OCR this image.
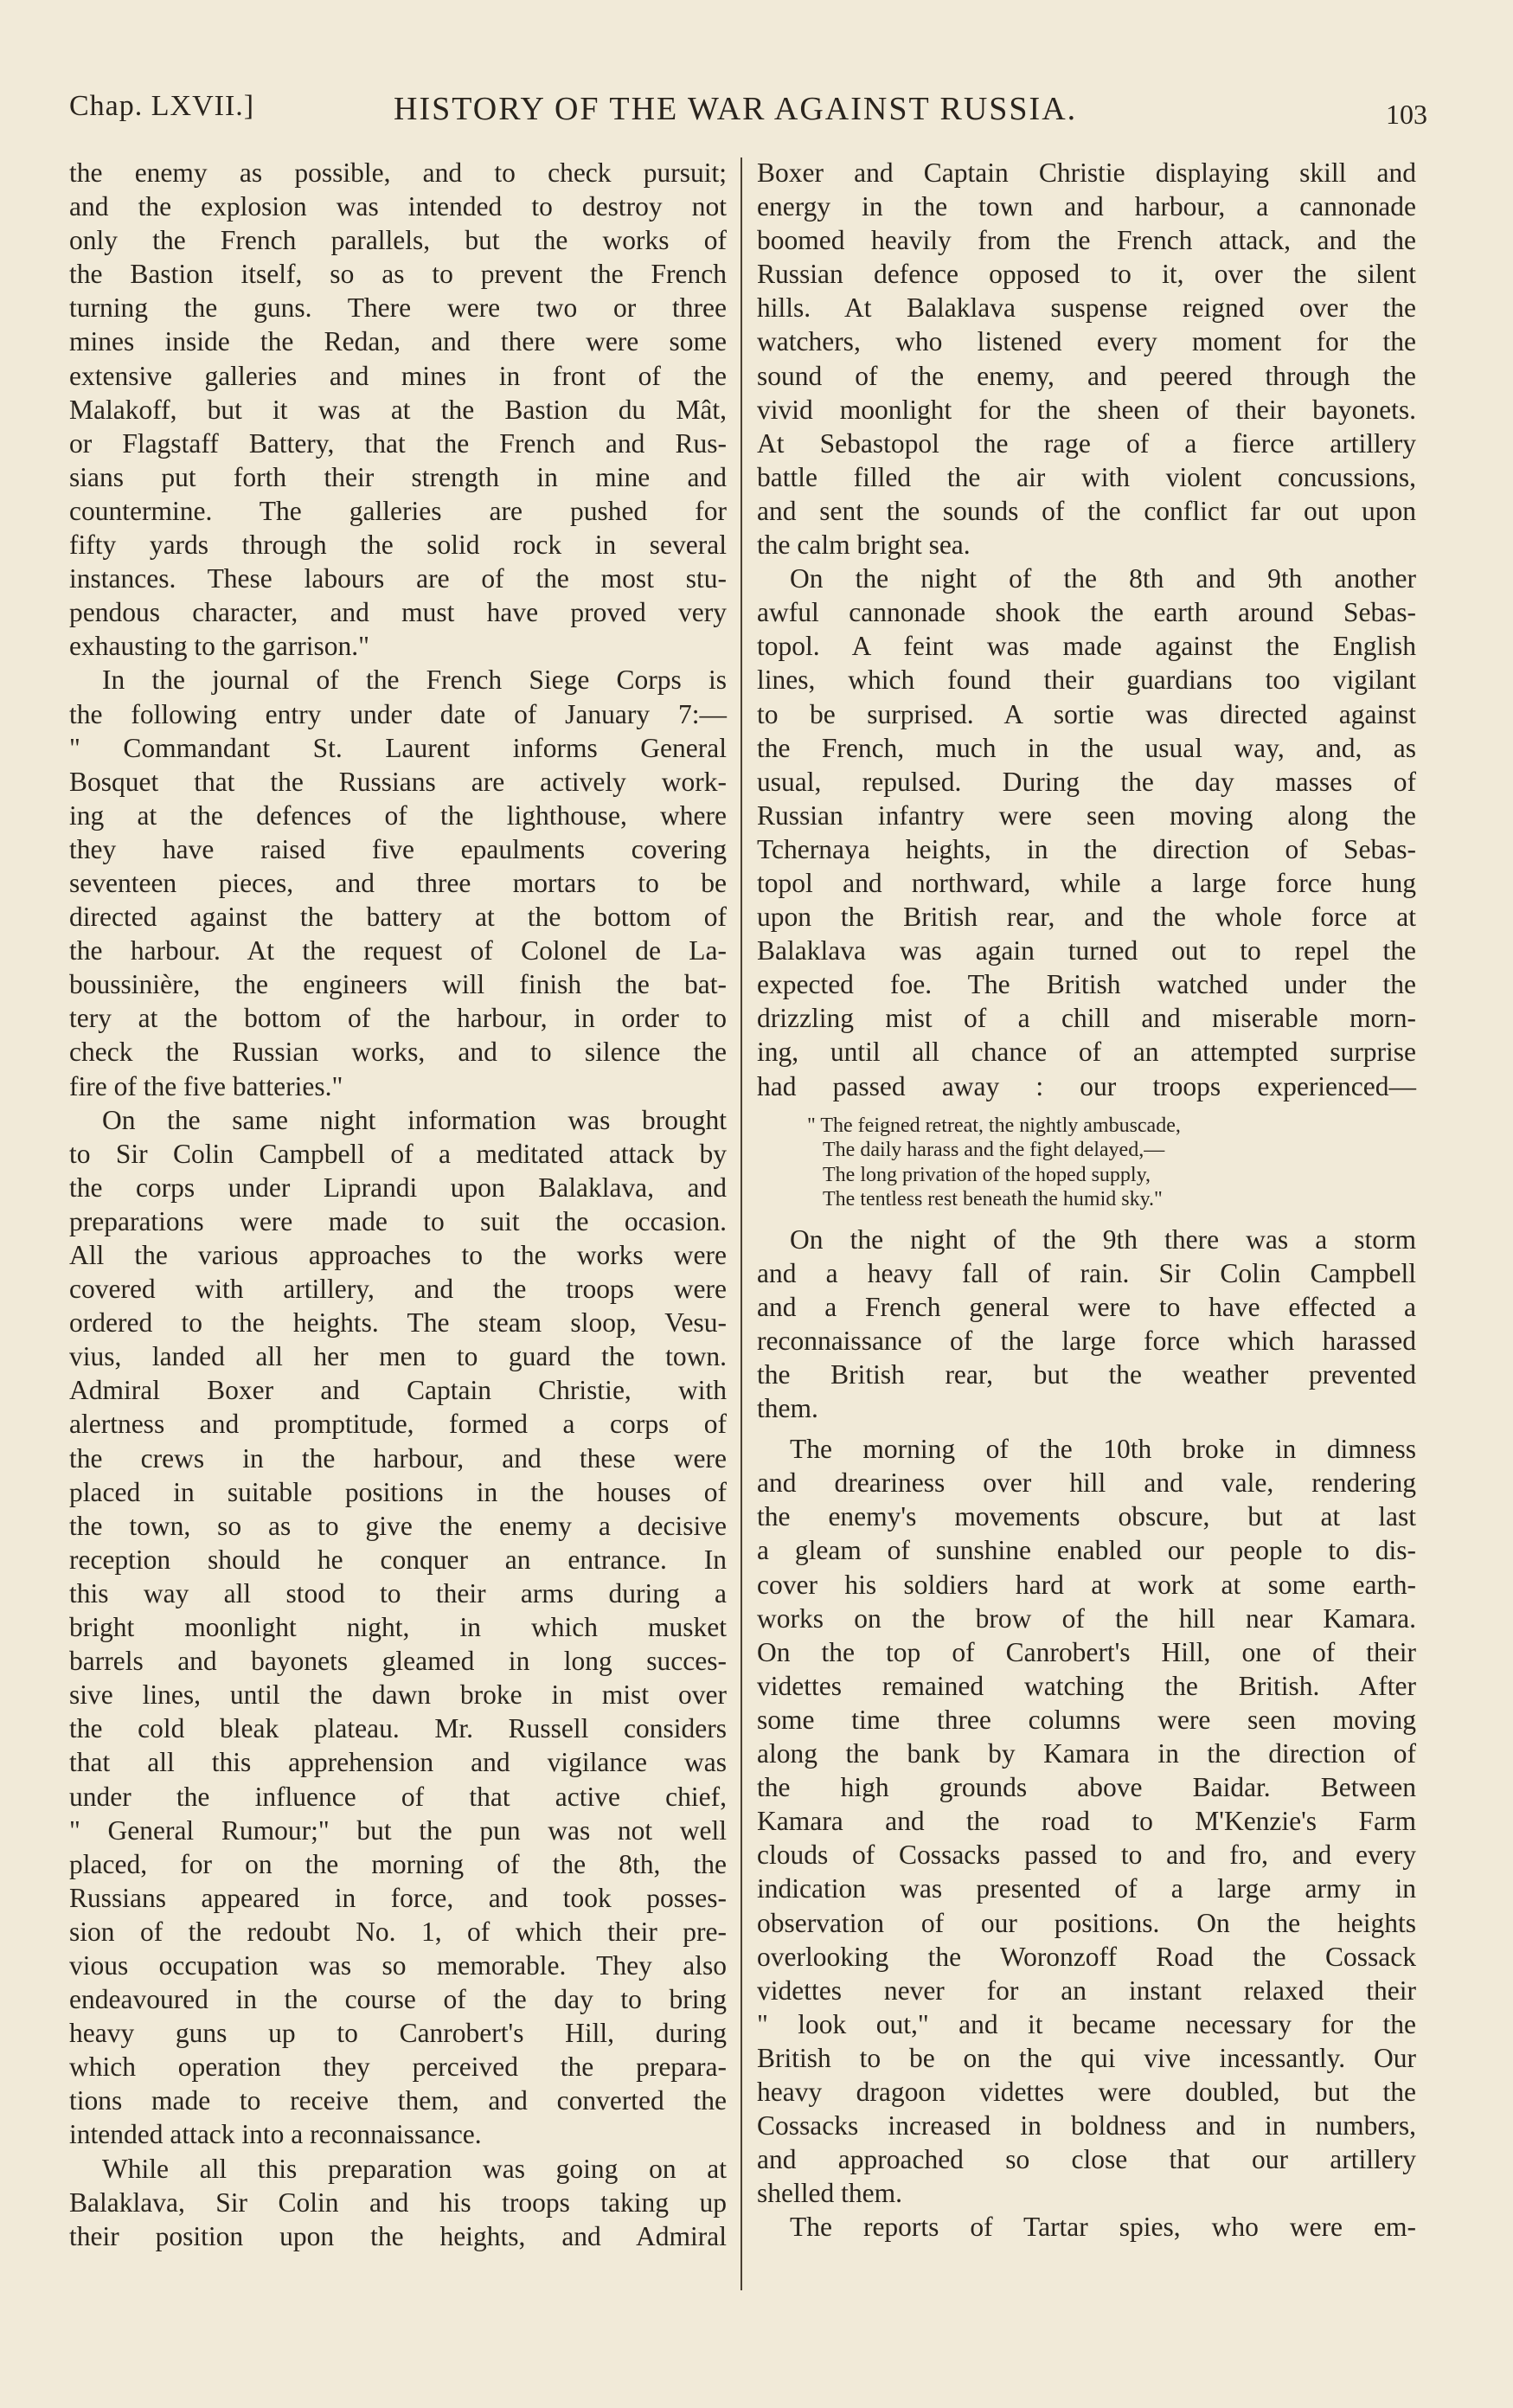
Chap. LXVII.]	HISTORY OF THE WAR AGAINST RUSSIA.	103
the enemy as possible, and to check pursuit;
and the explosion was intended to destroy not
only the French parallels, but the works of
the Bastion itself, so as to prevent the French
turning the guns. There were two or three
mines inside the Redan, and there were some
extensive galleries and mines in front of the
Malakoff, but it was at the Bastion du Mât,
or Flagstaff Battery, that the French and Rus-
sians put forth their strength in mine and
countermine. The galleries are pushed for
fifty yards through the solid rock in several
instances. These labours are of the most stu-
pendous character, and must have proved very
exhausting to the garrison."
In the journal of the French Siege Corps is
the following entry under date of January 7:—
" Commandant St. Laurent informs General
Bosquet that the Russians are actively work-
ing at the defences of the lighthouse, where
they have raised five epaulments covering
seventeen pieces, and three mortars to be
directed against the battery at the bottom of
the harbour. At the request of Colonel de La-
boussinière, the engineers will finish the bat-
tery at the bottom of the harbour, in order to
check the Russian works, and to silence the
fire of the five batteries."
On the same night information was brought
to Sir Colin Campbell of a meditated attack by
the corps under Liprandi upon Balaklava, and
preparations were made to suit the occasion.
All the various approaches to the works were
covered with artillery, and the troops were
ordered to the heights. The steam sloop, Vesu-
vius, landed all her men to guard the town.
Admiral Boxer and Captain Christie, with
alertness and promptitude, formed a corps of
the crews in the harbour, and these were
placed in suitable positions in the houses of
the town, so as to give the enemy a decisive
reception should he conquer an entrance. In
this way all stood to their arms during a
bright moonlight night, in which musket
barrels and bayonets gleamed in long succes-
sive lines, until the dawn broke in mist over
the cold bleak plateau. Mr. Russell considers
that all this apprehension and vigilance was
under the influence of that active chief,
" General Rumour;" but the pun was not well
placed, for on the morning of the 8th, the
Russians appeared in force, and took posses-
sion of the redoubt No. 1, of which their pre-
vious occupation was so memorable. They also
endeavoured in the course of the day to bring
heavy guns up to Canrobert's Hill, during
which operation they perceived the prepara-
tions made to receive them, and converted the
intended attack into a reconnaissance.
While all this preparation was going on at
Balaklava, Sir Colin and his troops taking up
their position upon the heights, and Admiral
Boxer and Captain Christie displaying skill and
energy in the town and harbour, a cannonade
boomed heavily from the French attack, and the
Russian defence opposed to it, over the silent
hills. At Balaklava suspense reigned over the
watchers, who listened every moment for the
sound of the enemy, and peered through the
vivid moonlight for the sheen of their bayonets.
At Sebastopol the rage of a fierce artillery
battle filled the air with violent concussions,
and sent the sounds of the conflict far out upon
the calm bright sea.
On the night of the 8th and 9th another
awful cannonade shook the earth around Sebas-
topol. A feint was made against the English
lines, which found their guardians too vigilant
to be surprised. A sortie was directed against
the French, much in the usual way, and, as
usual, repulsed. During the day masses of
Russian infantry were seen moving along the
Tchernaya heights, in the direction of Sebas-
topol and northward, while a large force hung
upon the British rear, and the whole force at
Balaklava was again turned out to repel the
expected foe. The British watched under the
drizzling mist of a chill and miserable morn-
ing, until all chance of an attempted surprise
had passed away : our troops experienced—
" The feigned retreat, the nightly ambuscade,
The daily harass and the fight delayed,—
The long privation of the hoped supply,
The tentless rest beneath the humid sky."
On the night of the 9th there was a storm
and a heavy fall of rain. Sir Colin Campbell
and a French general were to have effected a
reconnaissance of the large force which harassed
the British rear, but the weather prevented
them.
The morning of the 10th broke in dimness
and dreariness over hill and vale, rendering
the enemy's movements obscure, but at last
a gleam of sunshine enabled our people to dis-
cover his soldiers hard at work at some earth-
works on the brow of the hill near Kamara.
On the top of Canrobert's Hill, one of their
videttes remained watching the British. After
some time three columns were seen moving
along the bank by Kamara in the direction of
the high grounds above Baidar. Between
Kamara and the road to M'Kenzie's Farm
clouds of Cossacks passed to and fro, and every
indication was presented of a large army in
observation of our positions. On the heights
overlooking the Woronzoff Road the Cossack
videttes never for an instant relaxed their
" look out," and it became necessary for the
British to be on the qui vive incessantly. Our
heavy dragoon videttes were doubled, but the
Cossacks increased in boldness and in numbers,
and approached so close that our artillery
shelled them.
The reports of Tartar spies, who were em-
